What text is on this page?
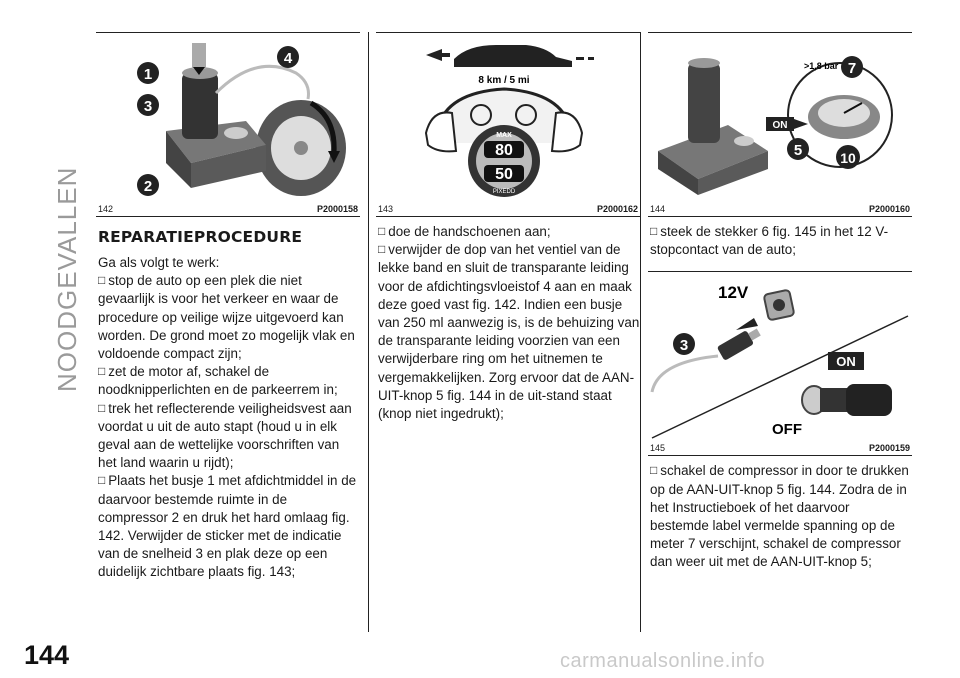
NOODGEVALLEN
144
1
3
4
2
142	P2000158
REPARATIEPROCEDURE

Ga als volgt te werk:

□ stop de auto op een plek die niet gevaarlijk is voor het verkeer en waar de procedure op veilige wijze uitgevoerd kan worden. De grond moet zo mogelijk vlak en voldoende compact zijn;

□ zet de motor af, schakel de noodknipperlichten en de parkeerrem in;

□ trek het reflecterende veiligheidsvest aan voordat u uit de auto stapt (houd u in elk geval aan de wettelijke voorschriften van het land waarin u rijdt);

□ Plaats het busje 1 met afdichtmiddel in de daarvoor bestemde ruimte in de compressor 2 en druk het hard omlaag fig. 142. Verwijder de sticker met de indicatie van de snelheid 3 en plak deze op een duidelijk zichtbare plaats fig. 143;

8 km / 5 mi
MAX
80
50
PIXEDD
143	P2000162

□ doe de handschoenen aan;

□ verwijder de dop van het ventiel van de lekke band en sluit de transparante leiding voor de afdichtingsvloeistof 4 aan en maak deze goed vast fig. 142. Indien een busje van 250 ml aanwezig is, is de behuizing van de transparante leiding voorzien van een verwijderbare ring om het uitnemen te vergemakkelijken. Zorg ervoor dat de AAN-UIT-knop 5 fig. 144 in de uit-stand staat (knop niet ingedrukt);

>1,8 bar
ON
7
5	10
144	P2000160

□ steek de stekker 6 fig. 145 in het 12 V-stopcontact van de auto;

12V
3
ON
OFF
145	P2000159

□ schakel de compressor in door te drukken op de AAN-UIT-knop 5 fig. 144. Zodra de in het Instructieboek of het daarvoor bestemde label vermelde spanning op de meter 7 verschijnt, schakel de compressor dan weer uit met de AAN-UIT-knop 5;

carmanualsonline.info
